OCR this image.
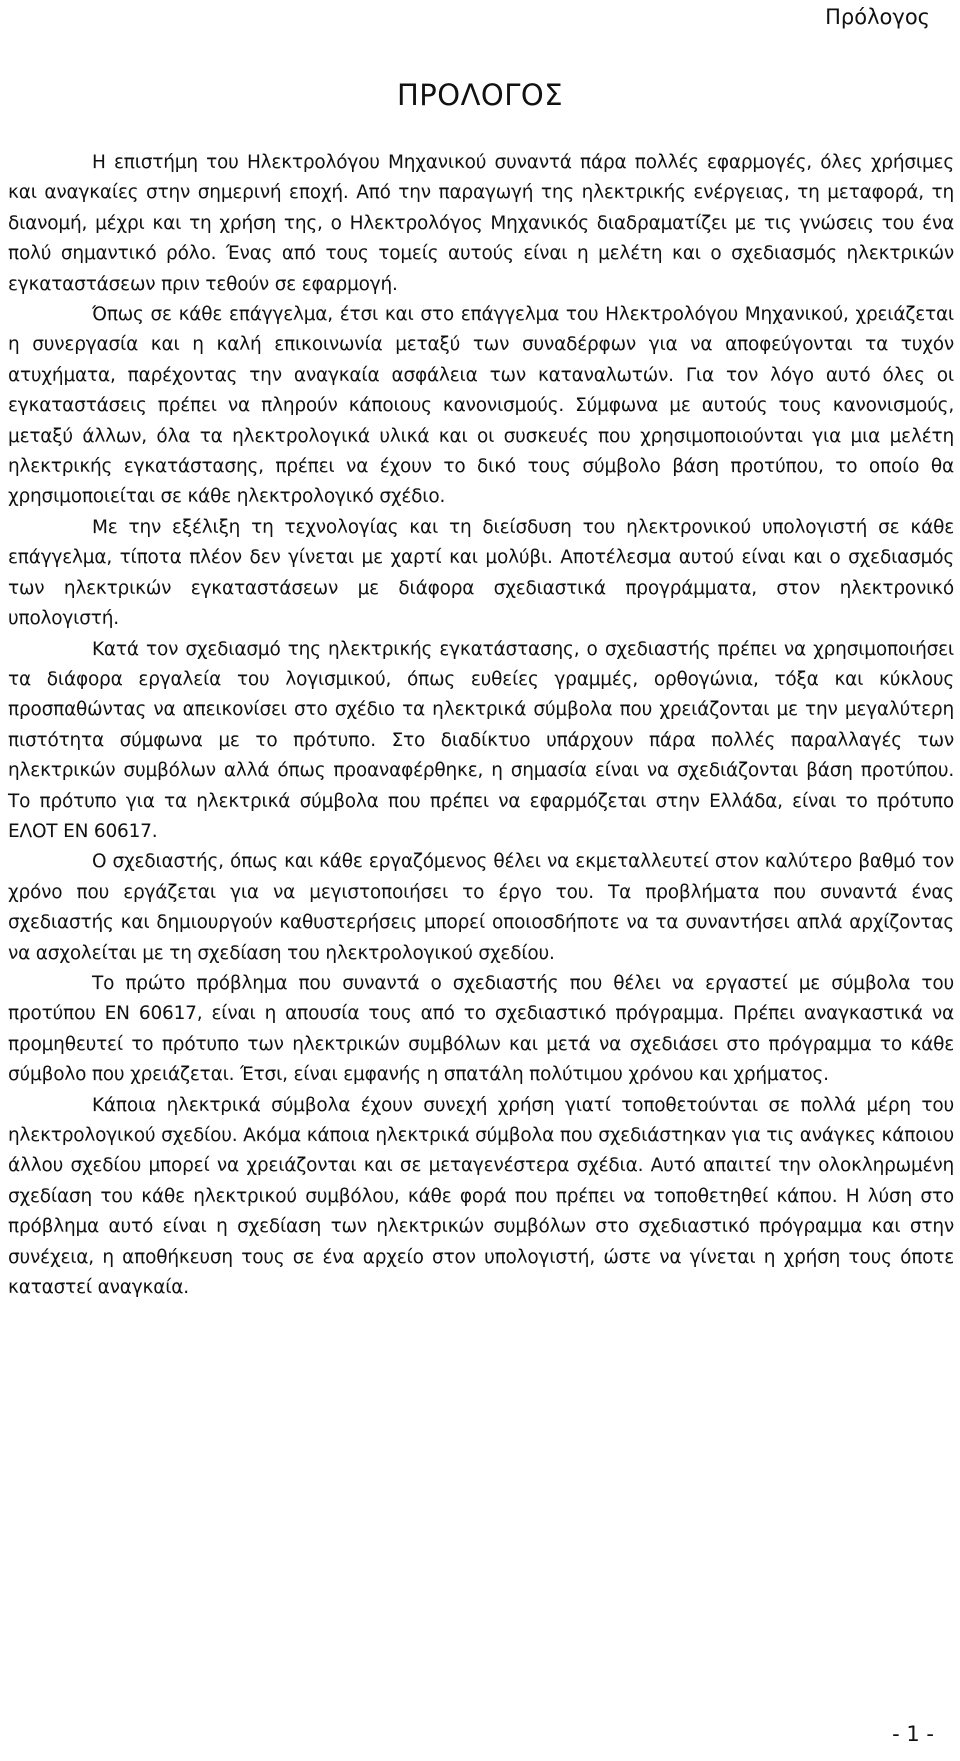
Πρόλογος
ΠΡΟΛΟΓΟΣ

Η επιστήμη του Ηλεκτρολόγου Μηχανικού συναντά πάρα πολλές εφαρμογές, όλες χρήσιμες και αναγκαίες στην σημερινή εποχή. Από την παραγωγή της ηλεκτρικής ενέργειας, τη μεταφορά, τη διανομή, μέχρι και τη χρήση της, ο Ηλεκτρολόγος Μηχανικός διαδραματίζει με τις γνώσεις του ένα πολύ σημαντικό ρόλο. Ένας από τους τομείς αυτούς είναι η μελέτη και ο σχεδιασμός ηλεκτρικών εγκαταστάσεων πριν τεθούν σε εφαρμογή.

Όπως σε κάθε επάγγελμα, έτσι και στο επάγγελμα του Ηλεκτρολόγου Μηχανικού, χρειάζεται η συνεργασία και η καλή επικοινωνία μεταξύ των συναδέρφων για να αποφεύγονται τα τυχόν ατυχήματα, παρέχοντας την αναγκαία ασφάλεια των καταναλωτών. Για τον λόγο αυτό όλες οι εγκαταστάσεις πρέπει να πληρούν κάποιους κανονισμούς. Σύμφωνα με αυτούς τους κανονισμούς, μεταξύ άλλων, όλα τα ηλεκτρολογικά υλικά και οι συσκευές που χρησιμοποιούνται για μια μελέτη ηλεκτρικής εγκατάστασης, πρέπει να έχουν το δικό τους σύμβολο βάση προτύπου, το οποίο θα χρησιμοποιείται σε κάθε ηλεκτρολογικό σχέδιο.

Με την εξέλιξη τη τεχνολογίας και τη διείσδυση του ηλεκτρονικού υπολογιστή σε κάθε επάγγελμα, τίποτα πλέον δεν γίνεται με χαρτί και μολύβι. Αποτέλεσμα αυτού είναι και ο σχεδιασμός των ηλεκτρικών εγκαταστάσεων με διάφορα σχεδιαστικά προγράμματα, στον ηλεκτρονικό υπολογιστή.

Κατά τον σχεδιασμό της ηλεκτρικής εγκατάστασης, ο σχεδιαστής πρέπει να χρησιμοποιήσει τα διάφορα εργαλεία του λογισμικού, όπως ευθείες γραμμές, ορθογώνια, τόξα και κύκλους προσπαθώντας να απεικονίσει στο σχέδιο τα ηλεκτρικά σύμβολα που χρειάζονται με την μεγαλύτερη πιστότητα σύμφωνα με το πρότυπο. Στο διαδίκτυο υπάρχουν πάρα πολλές παραλλαγές των ηλεκτρικών συμβόλων αλλά όπως προαναφέρθηκε, η σημασία είναι να σχεδιάζονται βάση προτύπου. Το πρότυπο για τα ηλεκτρικά σύμβολα που πρέπει να εφαρμόζεται στην Ελλάδα, είναι το πρότυπο ΕΛΟΤ ΕΝ 60617.

Ο σχεδιαστής, όπως και κάθε εργαζόμενος θέλει να εκμεταλλευτεί στον καλύτερο βαθμό τον χρόνο που εργάζεται για να μεγιστοποιήσει το έργο του. Τα προβλήματα που συναντά ένας σχεδιαστής και δημιουργούν καθυστερήσεις μπορεί οποιοσδήποτε να τα συναντήσει απλά αρχίζοντας να ασχολείται με τη σχεδίαση του ηλεκτρολογικού σχεδίου.

Το πρώτο πρόβλημα που συναντά ο σχεδιαστής που θέλει να εργαστεί με σύμβολα του προτύπου ΕΝ 60617, είναι η απουσία τους από το σχεδιαστικό πρόγραμμα. Πρέπει αναγκαστικά να προμηθευτεί το πρότυπο των ηλεκτρικών συμβόλων και μετά να σχεδιάσει στο πρόγραμμα το κάθε σύμβολο που χρειάζεται. Έτσι, είναι εμφανής η σπατάλη πολύτιμου χρόνου και χρήματος.

Κάποια ηλεκτρικά σύμβολα έχουν συνεχή χρήση γιατί τοποθετούνται σε πολλά μέρη του ηλεκτρολογικού σχεδίου. Ακόμα κάποια ηλεκτρικά σύμβολα που σχεδιάστηκαν για τις ανάγκες κάποιου άλλου σχεδίου μπορεί να χρειάζονται και σε μεταγενέστερα σχέδια. Αυτό απαιτεί την ολοκληρωμένη σχεδίαση του κάθε ηλεκτρικού συμβόλου, κάθε φορά που πρέπει να τοποθετηθεί κάπου. Η λύση στο πρόβλημα αυτό είναι η σχεδίαση των ηλεκτρικών συμβόλων στο σχεδιαστικό πρόγραμμα και στην συνέχεια, η αποθήκευση τους σε ένα αρχείο στον υπολογιστή, ώστε να γίνεται η χρήση τους όποτε καταστεί αναγκαία.

- 1 -
